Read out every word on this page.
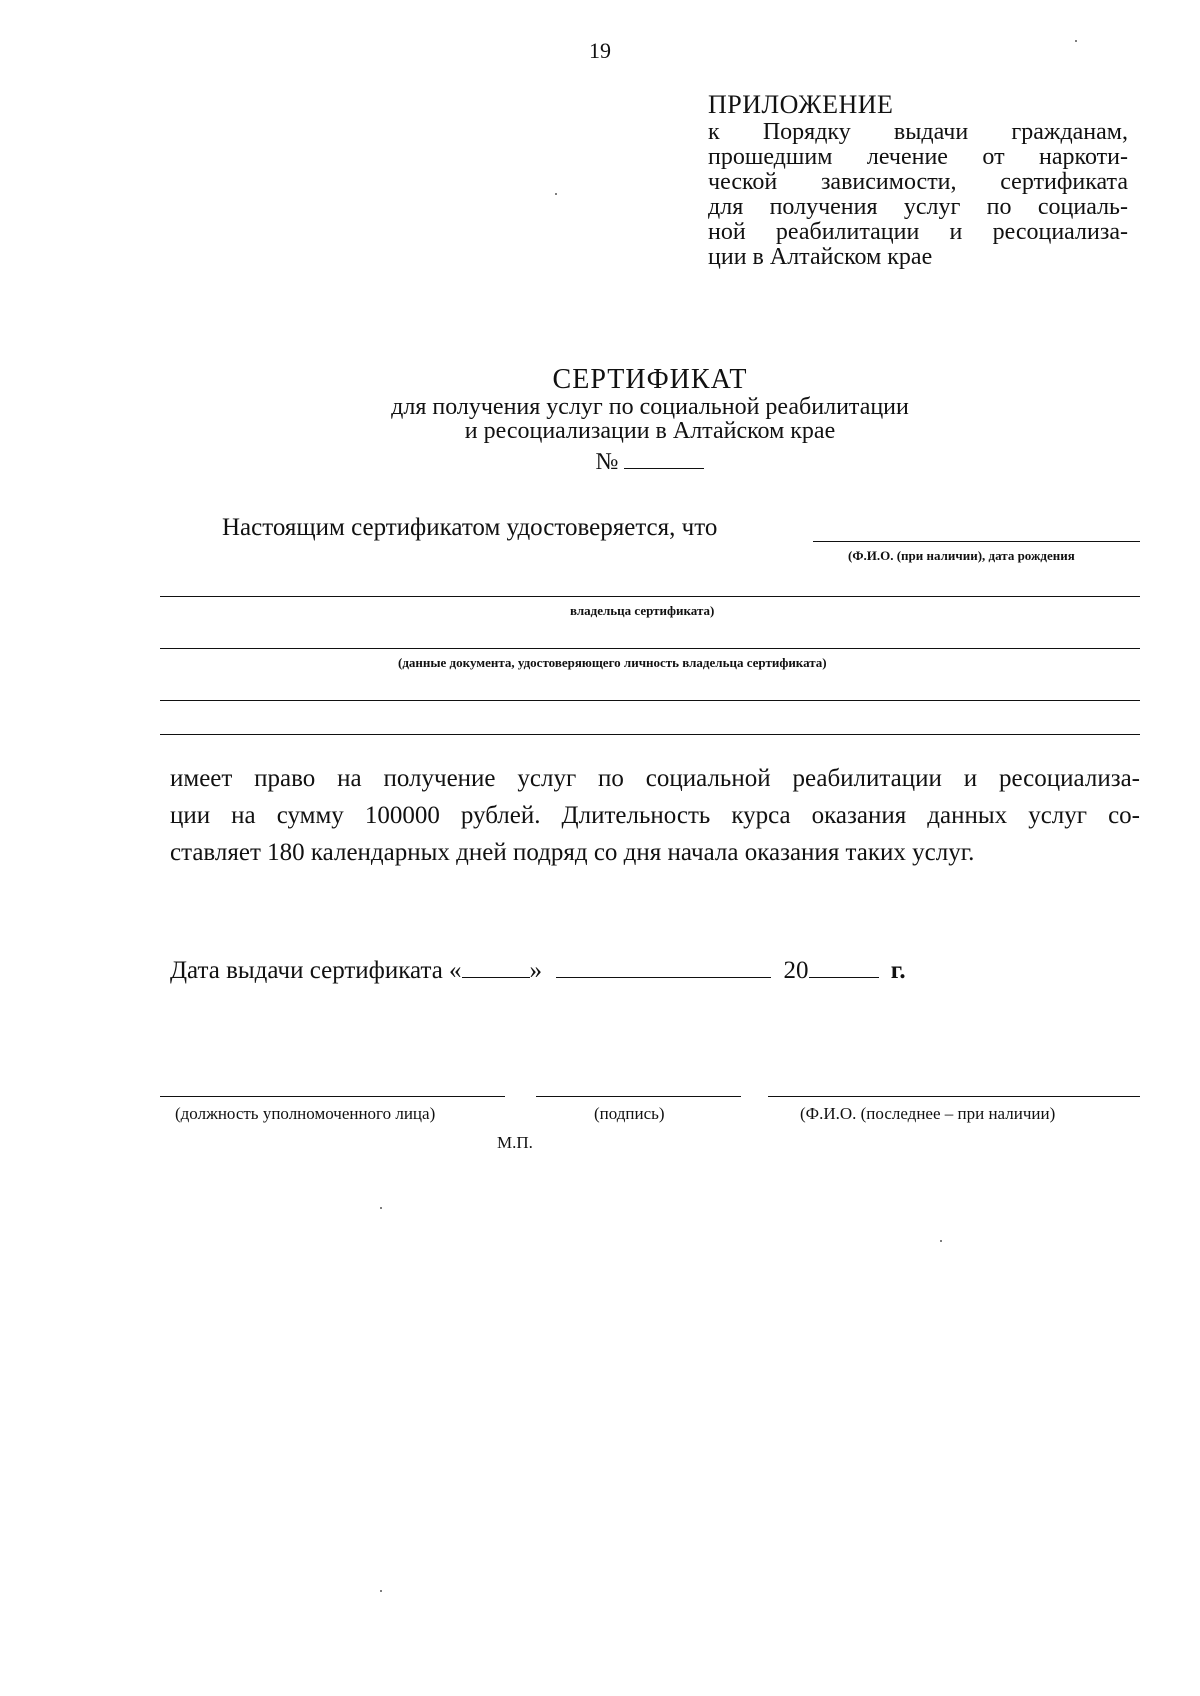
19
ПРИЛОЖЕНИЕ
к Порядку выдачи гражданам,
прошедшим лечение от наркоти-
ческой зависимости, сертификата
для получения услуг по социаль-
ной реабилитации и ресоциализа-
ции в Алтайском крае
СЕРТИФИКАТ
для получения услуг по социальной реабилитации
и ресоциализации в Алтайском крае
№
Настоящим сертификатом удостоверяется, что
(Ф.И.О. (при наличии), дата рождения
владельца сертификата)
(данные документа, удостоверяющего личность владельца сертификата)
имеет право на получение услуг по социальной реабилитации и ресоциализа-
ции на сумму 100000 рублей. Длительность курса оказания данных услуг со-
ставляет 180 календарных дней подряд со дня начала оказания таких услуг.
Дата выдачи сертификата «	»	20	г.
(должность уполномоченного лица)	(подпись)	(Ф.И.О. (последнее – при наличии)
М.П.
